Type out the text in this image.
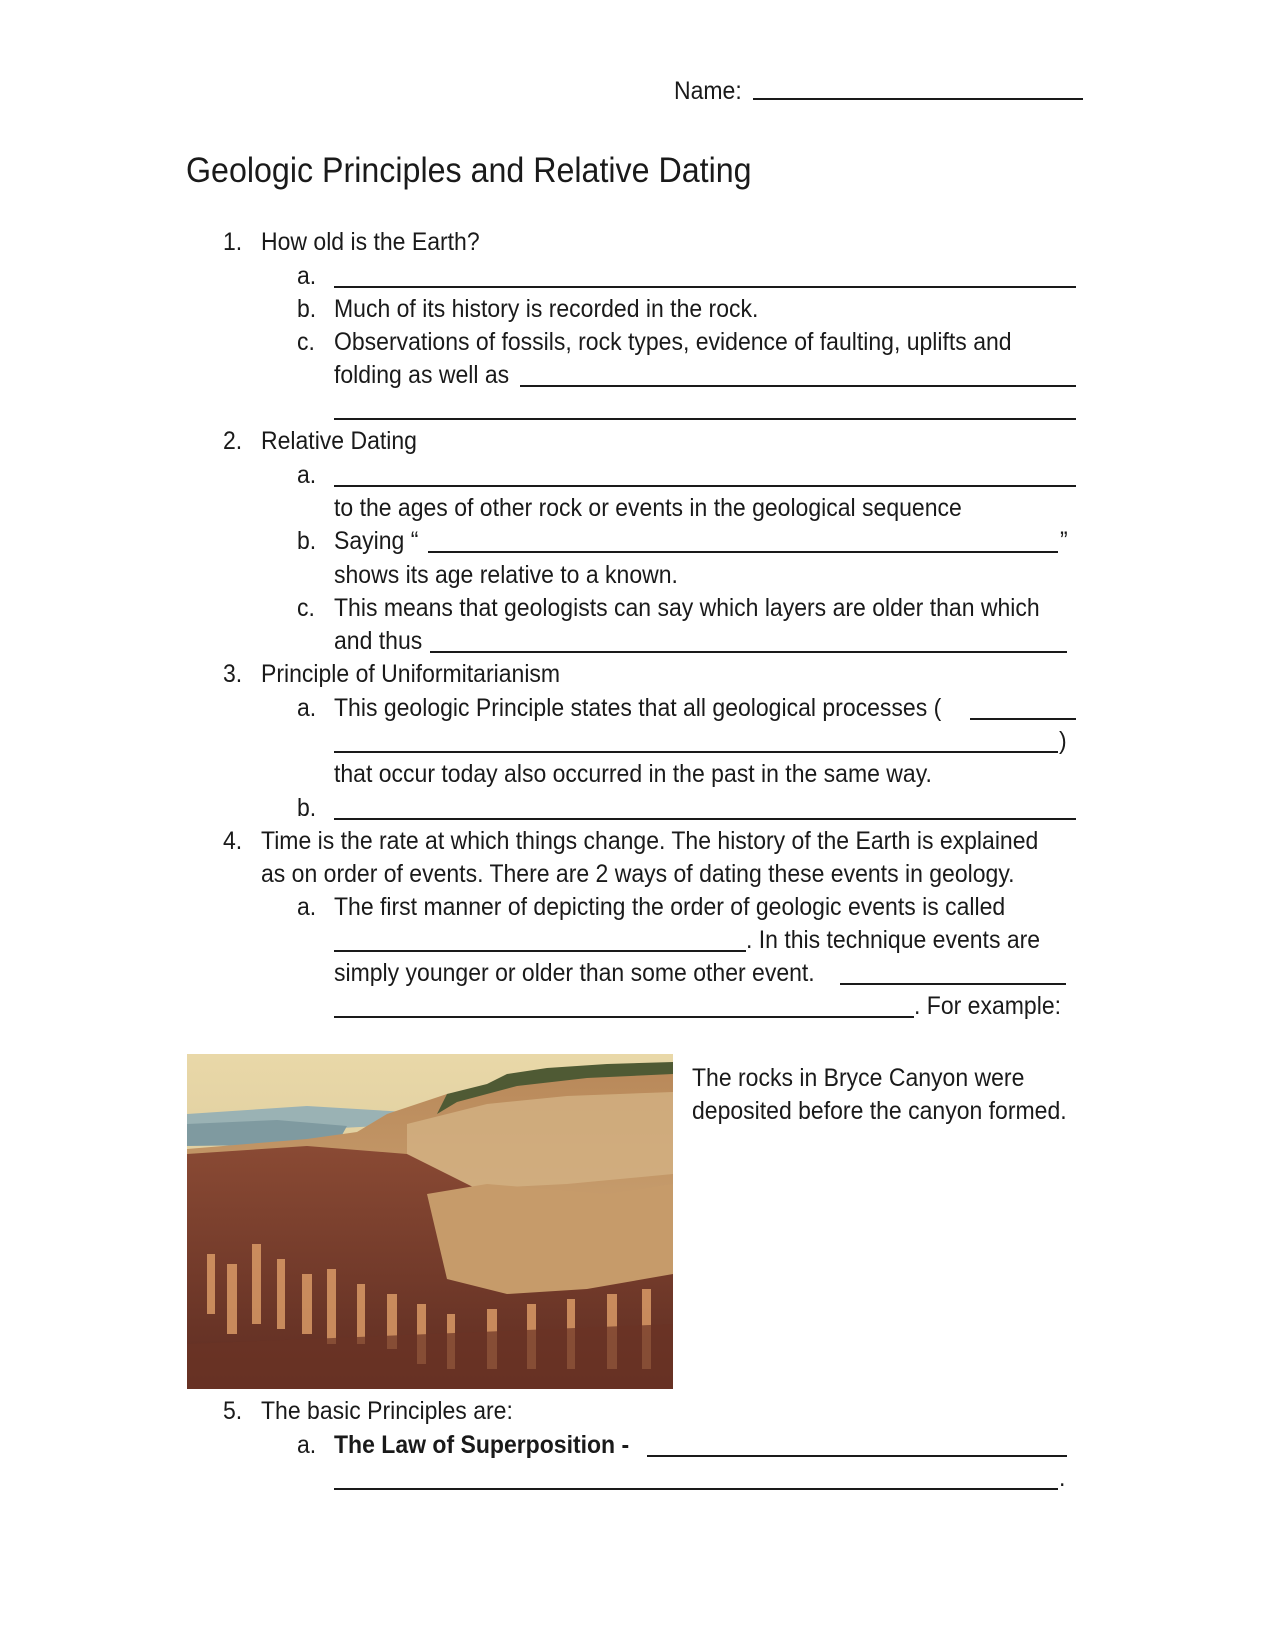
Name:
Geologic Principles and Relative Dating
1. How old is the Earth?
a.
b. Much of its history is recorded in the rock.
c. Observations of fossils, rock types, evidence of faulting, uplifts and
folding as well as
2. Relative Dating
a.
to the ages of other rock or events in the geological sequence
b. Saying “	”
shows its age relative to a known.
c. This means that geologists can say which layers are older than which
and thus
3. Principle of Uniformitarianism
a. This geologic Principle states that all geological processes (
)
that occur today also occurred in the past in the same way.
b.
4. Time is the rate at which things change. The history of the Earth is explained
as on order of events. There are 2 ways of dating these events in geology.
a. The first manner of depicting the order of geologic events is called
. In this technique events are
simply younger or older than some other event.
. For example:
The rocks in Bryce Canyon were
deposited before the canyon formed.
5. The basic Principles are:
a. The Law of Superposition -
.
